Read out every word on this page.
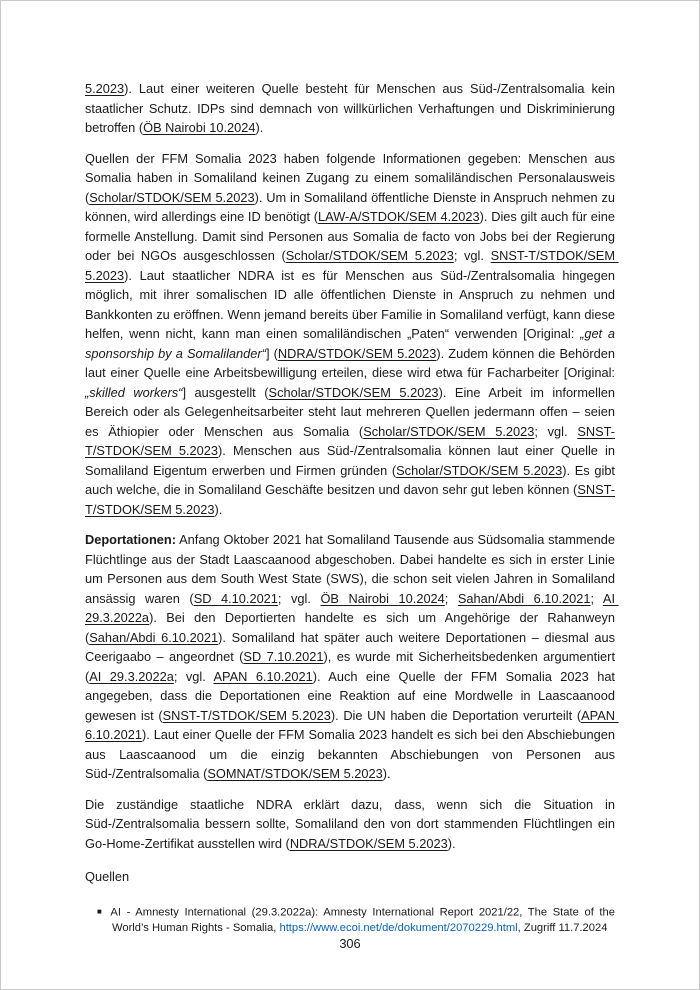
5.2023). Laut einer weiteren Quelle besteht für Menschen aus Süd-/Zentralsomalia kein staatlicher Schutz. IDPs sind demnach von willkürlichen Verhaftungen und Diskriminierung betroffen (ÖB Nairobi 10.2024).

Quellen der FFM Somalia 2023 haben folgende Informationen gegeben: Menschen aus Somalia haben in Somaliland keinen Zugang zu einem somaliländischen Personalausweis (Scholar/STDOK/SEM 5.2023). Um in Somaliland öffentliche Dienste in Anspruch nehmen zu können, wird allerdings eine ID benötigt (LAW-A/STDOK/SEM 4.2023). Dies gilt auch für eine formelle Anstellung. Damit sind Personen aus Somalia de facto von Jobs bei der Regierung oder bei NGOs ausgeschlossen (Scholar/STDOK/SEM 5.2023; vgl. SNST-T/STDOK/SEM 5.2023). Laut staatlicher NDRA ist es für Menschen aus Süd-/Zentralsomalia hingegen möglich, mit ihrer somalischen ID alle öffentlichen Dienste in Anspruch zu nehmen und Bankkonten zu eröffnen. Wenn jemand bereits über Familie in Somaliland verfügt, kann diese helfen, wenn nicht, kann man einen somaliländischen „Paten“ verwenden [Original: „get a sponsorship by a Somalilander“] (NDRA/STDOK/SEM 5.2023). Zudem können die Behörden laut einer Quelle eine Arbeitsbewilligung erteilen, diese wird etwa für Facharbeiter [Original: „skilled workers“] ausgestellt (Scholar/STDOK/SEM 5.2023). Eine Arbeit im informellen Bereich oder als Gelegenheitsarbeiter steht laut mehreren Quellen jedermann offen – seien es Äthiopier oder Menschen aus Somalia (Scholar/STDOK/SEM 5.2023; vgl. SNST-T/STDOK/SEM 5.2023). Menschen aus Süd-/Zentralsomalia können laut einer Quelle in Somaliland Eigentum erwerben und Firmen gründen (Scholar/STDOK/SEM 5.2023). Es gibt auch welche, die in Somaliland Geschäfte besitzen und davon sehr gut leben können (SNST-T/STDOK/SEM 5.2023).

Deportationen: Anfang Oktober 2021 hat Somaliland Tausende aus Südsomalia stammende Flüchtlinge aus der Stadt Laascaanood abgeschoben. Dabei handelte es sich in erster Linie um Personen aus dem South West State (SWS), die schon seit vielen Jahren in Somaliland ansässig waren (SD 4.10.2021; vgl. ÖB Nairobi 10.2024; Sahan/Abdi 6.10.2021; AI 29.3.2022a). Bei den Deportierten handelte es sich um Angehörige der Rahanweyn (Sahan/Abdi 6.10.2021). Somaliland hat später auch weitere Deportationen – diesmal aus Ceerigaabo – angeordnet (SD 7.10.2021), es wurde mit Sicherheitsbedenken argumentiert (AI 29.3.2022a; vgl. APAN 6.10.2021). Auch eine Quelle der FFM Somalia 2023 hat angegeben, dass die Deportationen eine Reaktion auf eine Mordwelle in Laascaanood gewesen ist (SNST-T/STDOK/SEM 5.2023). Die UN haben die Deportation verurteilt (APAN 6.10.2021). Laut einer Quelle der FFM Somalia 2023 handelt es sich bei den Abschiebungen aus Laascaanood um die einzig bekannten Abschiebungen von Personen aus Süd-/Zentralsomalia (SOMNAT/STDOK/SEM 5.2023).

Die zuständige staatliche NDRA erklärt dazu, dass, wenn sich die Situation in Süd-/Zentralsomalia bessern sollte, Somaliland den von dort stammenden Flüchtlingen ein Go-Home-Zertifikat ausstellen wird (NDRA/STDOK/SEM 5.2023).

Quellen

■ AI - Amnesty International (29.3.2022a): Amnesty International Report 2021/22, The State of the World’s Human Rights - Somalia, https://www.ecoi.net/de/dokument/2070229.html, Zugriff 11.7.2024

306
